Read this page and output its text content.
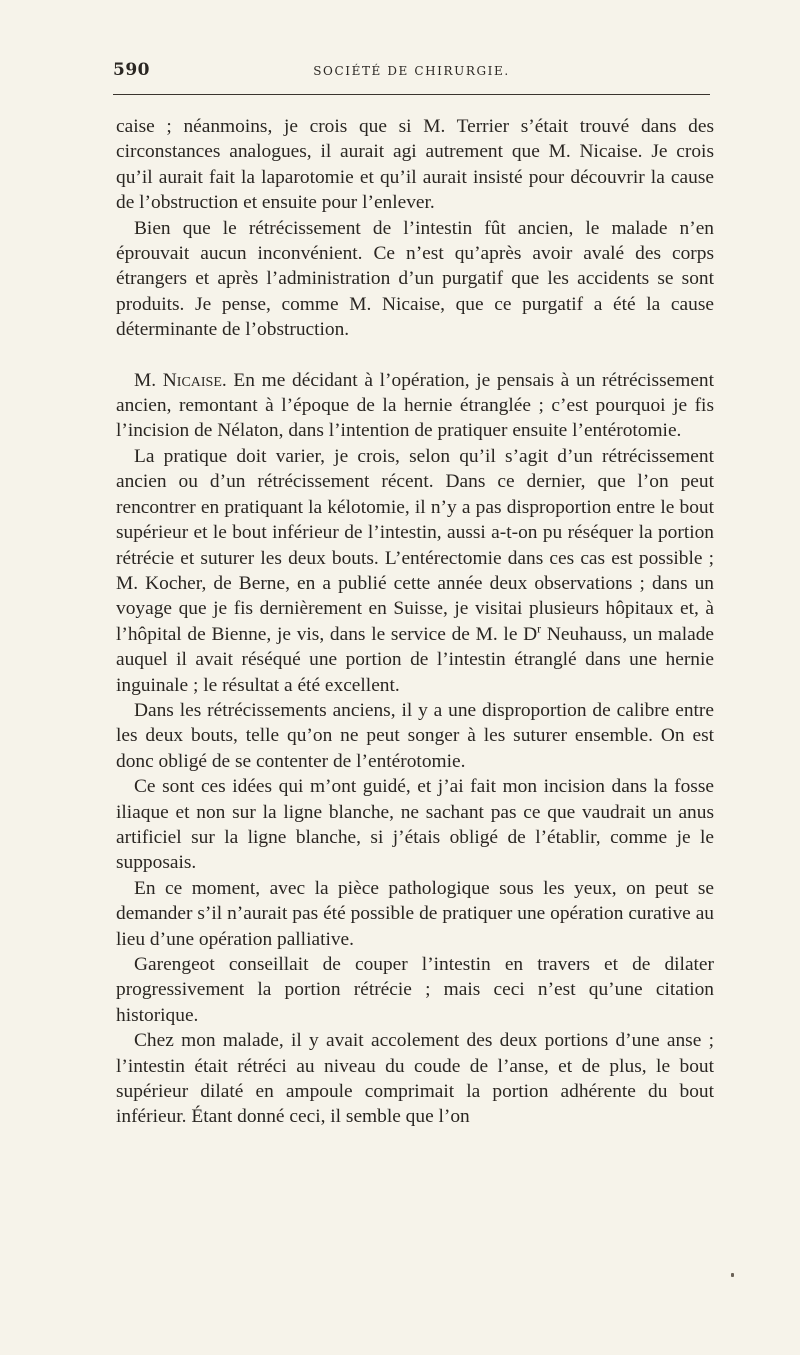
590	SOCIÉTÉ DE CHIRURGIE.

caise ; néanmoins, je crois que si M. Terrier s’était trouvé dans des circonstances analogues, il aurait agi autrement que M. Nicaise. Je crois qu’il aurait fait la laparotomie et qu’il aurait insisté pour découvrir la cause de l’obstruction et ensuite pour l’enlever.

Bien que le rétrécissement de l’intestin fût ancien, le malade n’en éprouvait aucun inconvénient. Ce n’est qu’après avoir avalé des corps étrangers et après l’administration d’un purgatif que les accidents se sont produits. Je pense, comme M. Nicaise, que ce purgatif a été la cause déterminante de l’obstruction.

M. Nicaise. En me décidant à l’opération, je pensais à un rétrécissement ancien, remontant à l’époque de la hernie étranglée ; c’est pourquoi je fis l’incision de Nélaton, dans l’intention de pratiquer ensuite l’entérotomie.

La pratique doit varier, je crois, selon qu’il s’agit d’un rétrécissement ancien ou d’un rétrécissement récent. Dans ce dernier, que l’on peut rencontrer en pratiquant la kélotomie, il n’y a pas disproportion entre le bout supérieur et le bout inférieur de l’intestin, aussi a-t-on pu réséquer la portion rétrécie et suturer les deux bouts. L’entérectomie dans ces cas est possible ; M. Kocher, de Berne, en a publié cette année deux observations ; dans un voyage que je fis dernièrement en Suisse, je visitai plusieurs hôpitaux et, à l’hôpital de Bienne, je vis, dans le service de M. le $D^r$ Neuhauss, un malade auquel il avait réséqué une portion de l’intestin étranglé dans une hernie inguinale ; le résultat a été excellent.

Dans les rétrécissements anciens, il y a une disproportion de calibre entre les deux bouts, telle qu’on ne peut songer à les suturer ensemble. On est donc obligé de se contenter de l’entérotomie.

Ce sont ces idées qui m’ont guidé, et j’ai fait mon incision dans la fosse iliaque et non sur la ligne blanche, ne sachant pas ce que vaudrait un anus artificiel sur la ligne blanche, si j’étais obligé de l’établir, comme je le supposais.

En ce moment, avec la pièce pathologique sous les yeux, on peut se demander s’il n’aurait pas été possible de pratiquer une opération curative au lieu d’une opération palliative.

Garengeot conseillait de couper l’intestin en travers et de dilater progressivement la portion rétrécie ; mais ceci n’est qu’une citation historique.

Chez mon malade, il y avait accolement des deux portions d’une anse ; l’intestin était rétréci au niveau du coude de l’anse, et de plus, le bout supérieur dilaté en ampoule comprimait la portion adhérente du bout inférieur. Étant donné ceci, il semble que l’on
